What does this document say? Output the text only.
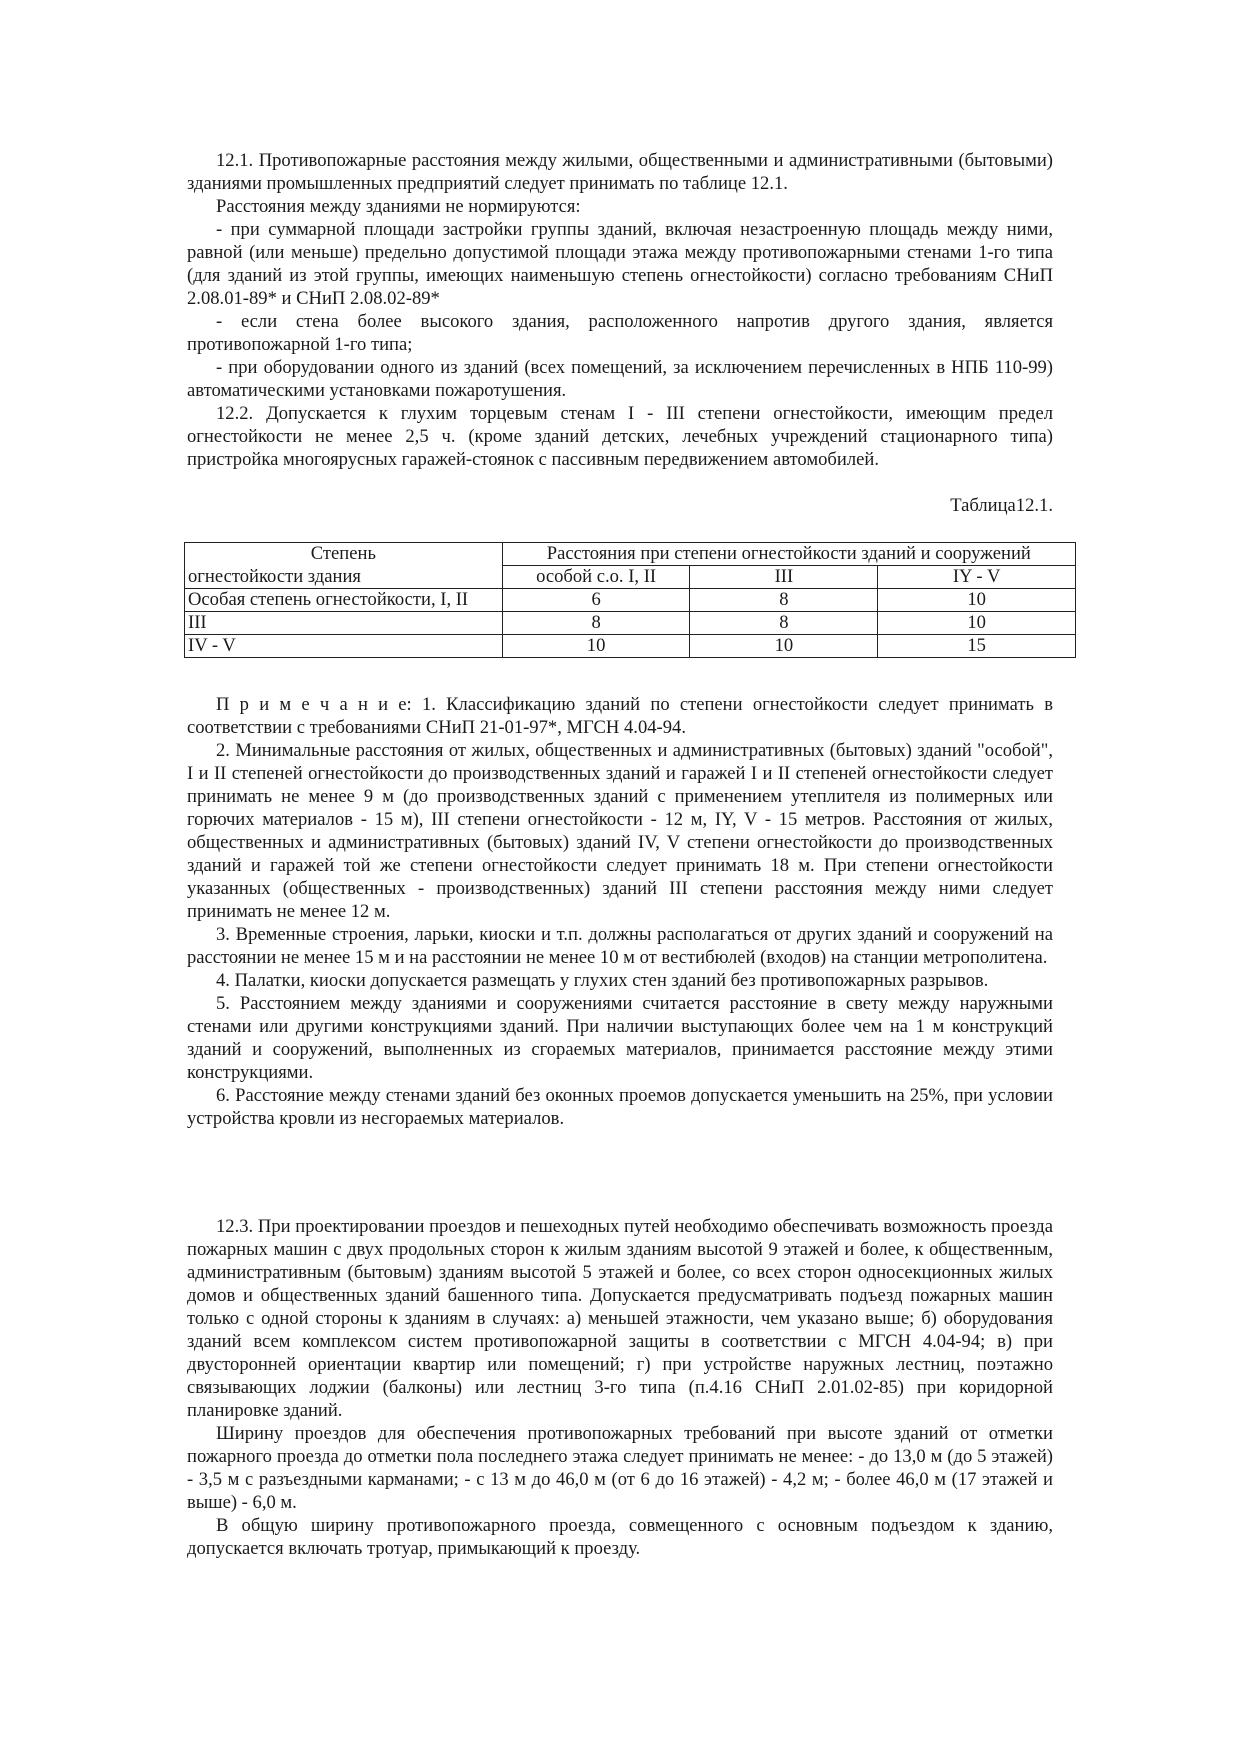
12.1. Противопожарные расстояния между жилыми, общественными и административными (бытовыми) зданиями промышленных предприятий следует принимать по таблице 12.1.

Расстояния между зданиями не нормируются:

- при суммарной площади застройки группы зданий, включая незастроенную площадь между ними, равной (или меньше) предельно допустимой площади этажа между противопожарными стенами 1-го типа (для зданий из этой группы, имеющих наименьшую степень огнестойкости) согласно требованиям СНиП 2.08.01-89* и СНиП 2.08.02-89*

- если стена более высокого здания, расположенного напротив другого здания, является противопожарной 1-го типа;

- при оборудовании одного из зданий (всех помещений, за исключением перечисленных в НПБ 110-99) автоматическими установками пожаротушения.

12.2. Допускается к глухим торцевым стенам I - III степени огнестойкости, имеющим предел огнестойкости не менее 2,5 ч. (кроме зданий детских, лечебных учреждений стационарного типа) пристройка многоярусных гаражей-стоянок с пассивным передвижением автомобилей.

Таблица12.1.

Степень	Расстояния при степени огнестойкости зданий и сооружений		
огнестойкости здания	особой с.о. I, II	III	IY - V
Особая степень огнестойкости, I, II	6	8	10
III	8	8	10
IV - V	10	10	15

П р и м е ч а н и е: 1. Классификацию зданий по степени огнестойкости следует принимать в соответствии с требованиями СНиП 21-01-97*, МГСН 4.04-94.

2. Минимальные расстояния от жилых, общественных и административных (бытовых) зданий "особой", I и II степеней огнестойкости до производственных зданий и гаражей I и II степеней огнестойкости следует принимать не менее 9 м (до производственных зданий с применением утеплителя из полимерных или горючих материалов - 15 м), III степени огнестойкости - 12 м, IY, V - 15 метров. Расстояния от жилых, общественных и административных (бытовых) зданий IV, V степени огнестойкости до производственных зданий и гаражей той же степени огнестойкости следует принимать 18 м. При степени огнестойкости указанных (общественных - производственных) зданий III степени расстояния между ними следует принимать не менее 12 м.

3. Временные строения, ларьки, киоски и т.п. должны располагаться от других зданий и сооружений на расстоянии не менее 15 м и на расстоянии не менее 10 м от вестибюлей (входов) на станции метрополитена.

4. Палатки, киоски допускается размещать у глухих стен зданий без противопожарных разрывов.

5. Расстоянием между зданиями и сооружениями считается расстояние в свету между наружными стенами или другими конструкциями зданий. При наличии выступающих более чем на 1 м конструкций зданий и сооружений, выполненных из сгораемых материалов, принимается расстояние между этими конструкциями.

6. Расстояние между стенами зданий без оконных проемов допускается уменьшить на 25%, при условии устройства кровли из несгораемых материалов.

12.3. При проектировании проездов и пешеходных путей необходимо обеспечивать возможность проезда пожарных машин с двух продольных сторон к жилым зданиям высотой 9 этажей и более, к общественным, административным (бытовым) зданиям высотой 5 этажей и более, со всех сторон односекционных жилых домов и общественных зданий башенного типа. Допускается предусматривать подъезд пожарных машин только с одной стороны к зданиям в случаях: а) меньшей этажности, чем указано выше; б) оборудования зданий всем комплексом систем противопожарной защиты в соответствии с МГСН 4.04-94; в) при двусторонней ориентации квартир или помещений; г) при устройстве наружных лестниц, поэтажно связывающих лоджии (балконы) или лестниц 3-го типа (п.4.16 СНиП 2.01.02-85) при коридорной планировке зданий.

Ширину проездов для обеспечения противопожарных требований при высоте зданий от отметки пожарного проезда до отметки пола последнего этажа следует принимать не менее: - до 13,0 м (до 5 этажей) - 3,5 м с разъездными карманами; - с 13 м до 46,0 м (от 6 до 16 этажей) - 4,2 м; - более 46,0 м (17 этажей и выше) - 6,0 м.

В общую ширину противопожарного проезда, совмещенного с основным подъездом к зданию, допускается включать тротуар, примыкающий к проезду.
